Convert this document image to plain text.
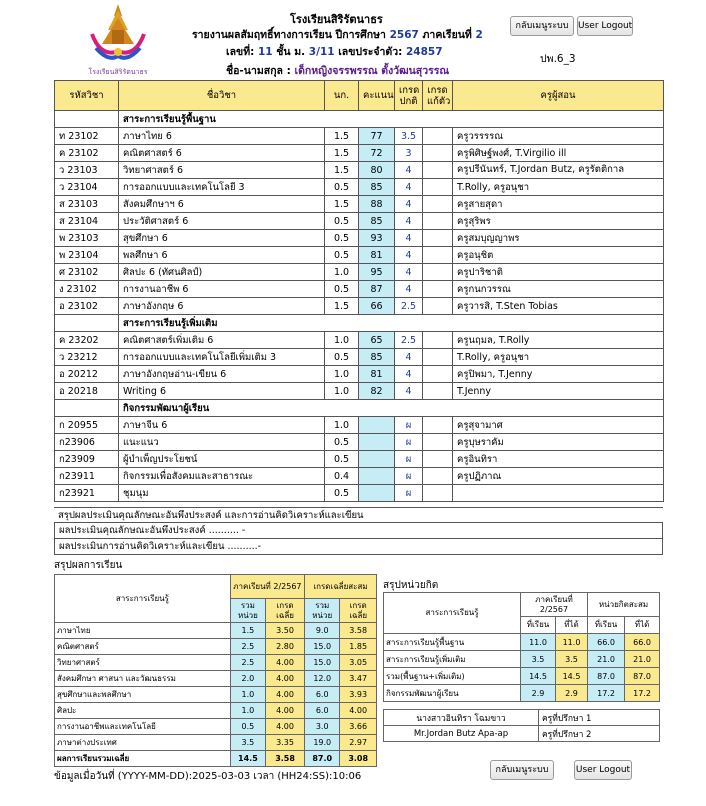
โรงเรียนสิริรัตนาธร
โรงเรียนสิริรัตนาธร
รายงานผลสัมฤทธิ์ทางการเรียน ปีการศึกษา 2567 ภาคเรียนที่ 2
เลขที่: 11 ชั้น ม. 3/11 เลขประจำตัว: 24857
ชื่อ-นามสกุล : เด็กหญิงจรรพรรณ ตั้งวัฒนสุวรรณ
ปพ.6_3
กลับเมนูระบบ	User Logout
รหัสวิชา	ชื่อวิชา	นก.	คะแนน	เกรด ปกติ	เกรด แก้ตัว	ครูผู้สอน
	สาระการเรียนรู้พื้นฐาน					
ท 23102	ภาษาไทย 6	1.5	77	3.5		ครูวรรรรณ
ค 23102	คณิตศาสตร์ 6	1.5	72	3		ครูพิศิษฐ์พงศ์, T.Virgilio ill
ว 23103	วิทยาศาสตร์ 6	1.5	80	4		ครูปรีนันทร์, T.Jordan Butz, ครูรัตติกาล
ว 23104	การออกแบบและเทคโนโลยี 3	0.5	85	4		T.Rolly, ครูอนุชา
ส 23103	สังคมศึกษาฯ 6	1.5	88	4		ครูสายสุดา
ส 23104	ประวัติศาสตร์ 6	0.5	85	4		ครูสุริพร
พ 23103	สุขศึกษา 6	0.5	93	4		ครูสมบุญญาพร
พ 23104	พลศึกษา 6	0.5	81	4		ครูอนุชิต
ศ 23102	ศิลปะ 6 (ทัศนศิลป์)	1.0	95	4		ครูปาริชาติ
ง 23102	การงานอาชีพ 6	0.5	87	4		ครูกนกวรรณ
อ 23102	ภาษาอังกฤษ 6	1.5	66	2.5		ครูวารสิ, T.Sten Tobias
	สาระการเรียนรู้เพิ่มเติม					
ค 23202	คณิตศาสตร์เพิ่มเติม 6	1.0	65	2.5		ครูนฤมล, T.Rolly
ว 23212	การออกแบบและเทคโนโลยีเพิ่มเติม 3	0.5	85	4		T.Rolly, ครูอนุชา
อ 20212	ภาษาอังกฤษอ่าน-เขียน 6	1.0	81	4		ครูปิพมา, T.Jenny
อ 20218	Writing 6	1.0	82	4		T.Jenny
	กิจกรรมพัฒนาผู้เรียน					
ก 20955	ภาษาจีน 6	1.0		ผ		ครูสุจามาศ
ก23906	แนะแนว	0.5		ผ		ครูบุษราคัม
ก23909	ผู้บำเพ็ญประโยชน์	0.5		ผ		ครูอินทิรา
ก23911	กิจกรรมเพื่อสังคมและสาธารณะ	0.4		ผ		ครูปฏิภาณ
ก23921	ชุมนุม	0.5		ผ		
สรุปผลประเมินคุณลักษณะอันพึงประสงค์ และการอ่านคิดวิเคราะห์และเขียน
ผลประเมินคุณลักษณะอันพึงประสงค์ .......... -
ผลประเมินการอ่านคิดวิเคราะห์และเขียน ..........-
สรุปผลการเรียน
สาระการเรียนรู้	ภาคเรียนที่ 2/2567		เกรดเฉลี่ยสะสม	
	รวม หน่วย	เกรด เฉลี่ย	รวม หน่วย	เกรด เฉลี่ย
ภาษาไทย	1.5	3.50	9.0	3.58
คณิตศาสตร์	2.5	2.80	15.0	1.85
วิทยาศาสตร์	2.5	4.00	15.0	3.05
สังคมศึกษา ศาสนา และวัฒนธรรม	2.0	4.00	12.0	3.47
สุขศึกษาและพลศึกษา	1.0	4.00	6.0	3.93
ศิลปะ	1.0	4.00	6.0	4.00
การงานอาชีพและเทคโนโลยี	0.5	4.00	3.0	3.66
ภาษาต่างประเทศ	3.5	3.35	19.0	2.97
ผลการเรียนรวมเฉลี่ย	14.5	3.58	87.0	3.08
สรุปหน่วยกิต
สาระการเรียนรู้	ภาคเรียนที่ 2/2567		หน่วยกิตสะสม	
	ที่เรียน	ที่ได้	ที่เรียน	ที่ได้
สาระการเรียนรู้พื้นฐาน	11.0	11.0	66.0	66.0
สาระการเรียนรู้เพิ่มเติม	3.5	3.5	21.0	21.0
รวม(พื้นฐาน+เพิ่มเติม)	14.5	14.5	87.0	87.0
กิจกรรมพัฒนาผู้เรียน	2.9	2.9	17.2	17.2
นางสาวอินทิรา โฉมขาว	ครูที่ปรึกษา 1
Mr.Jordan Butz Apa-ap	ครูที่ปรึกษา 2
ข้อมูลเมื่อวันที่ (YYYY-MM-DD):2025-03-03 เวลา (HH24:SS):10:06
กลับเมนูระบบ	User Logout
